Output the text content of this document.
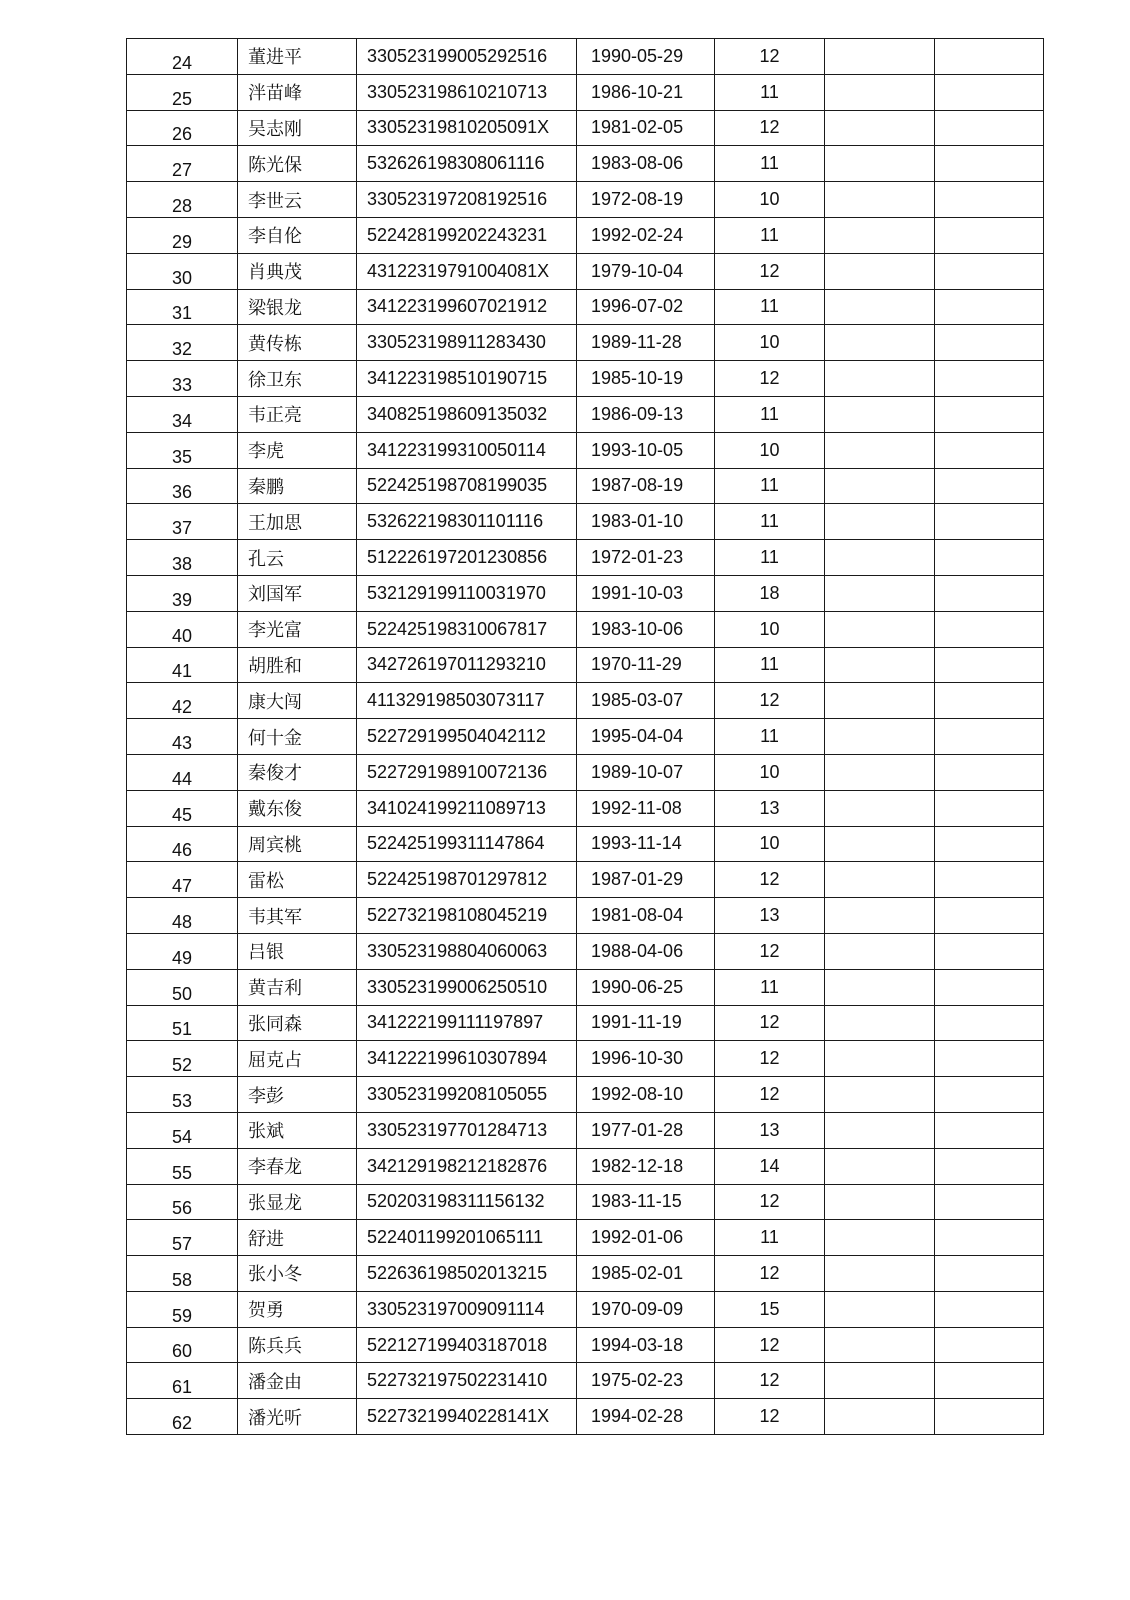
24	董进平	330523199005292516	1990-05-29	12		
25	泮苗峰	330523198610210713	1986-10-21	11		
26	吴志刚	33052319810205091X	1981-02-05	12		
27	陈光保	532626198308061116	1983-08-06	11		
28	李世云	330523197208192516	1972-08-19	10		
29	李自伦	522428199202243231	1992-02-24	11		
30	肖典茂	43122319791004081X	1979-10-04	12		
31	梁银龙	341223199607021912	1996-07-02	11		
32	黄传栋	330523198911283430	1989-11-28	10		
33	徐卫东	341223198510190715	1985-10-19	12		
34	韦正亮	340825198609135032	1986-09-13	11		
35	李虎	341223199310050114	1993-10-05	10		
36	秦鹏	522425198708199035	1987-08-19	11		
37	王加思	532622198301101116	1983-01-10	11		
38	孔云	512226197201230856	1972-01-23	11		
39	刘国军	532129199110031970	1991-10-03	18		
40	李光富	522425198310067817	1983-10-06	10		
41	胡胜和	342726197011293210	1970-11-29	11		
42	康大闯	411329198503073117	1985-03-07	12		
43	何十金	522729199504042112	1995-04-04	11		
44	秦俊才	522729198910072136	1989-10-07	10		
45	戴东俊	341024199211089713	1992-11-08	13		
46	周宾桃	522425199311147864	1993-11-14	10		
47	雷松	522425198701297812	1987-01-29	12		
48	韦其军	522732198108045219	1981-08-04	13		
49	吕银	330523198804060063	1988-04-06	12		
50	黄吉利	330523199006250510	1990-06-25	11		
51	张同森	341222199111197897	1991-11-19	12		
52	屈克占	341222199610307894	1996-10-30	12		
53	李彭	330523199208105055	1992-08-10	12		
54	张斌	330523197701284713	1977-01-28	13		
55	李春龙	342129198212182876	1982-12-18	14		
56	张显龙	520203198311156132	1983-11-15	12		
57	舒进	522401199201065111	1992-01-06	11		
58	张小冬	522636198502013215	1985-02-01	12		
59	贺勇	330523197009091114	1970-09-09	15		
60	陈兵兵	522127199403187018	1994-03-18	12		
61	潘金由	522732197502231410	1975-02-23	12		
62	潘光听	52273219940228141X	1994-02-28	12		
